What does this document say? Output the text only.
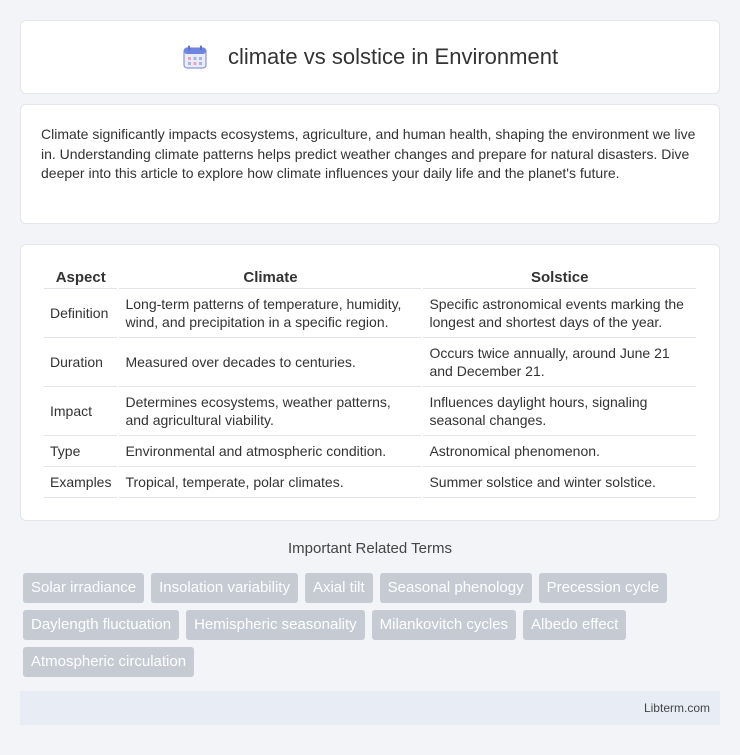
climate vs solstice in Environment

Climate significantly impacts ecosystems, agriculture, and human health, shaping the environment we live in. Understanding climate patterns helps predict weather changes and prepare for natural disasters. Dive deeper into this article to explore how climate influences your daily life and the planet's future.

Aspect	Climate	Solstice
Definition	Long-term patterns of temperature, humidity, wind, and precipitation in a specific region.	Specific astronomical events marking the longest and shortest days of the year.
Duration	Measured over decades to centuries.	Occurs twice annually, around June 21 and December 21.
Impact	Determines ecosystems, weather patterns, and agricultural viability.	Influences daylight hours, signaling seasonal changes.
Type	Environmental and atmospheric condition.	Astronomical phenomenon.
Examples	Tropical, temperate, polar climates.	Summer solstice and winter solstice.
Important Related Terms
Solar irradiance	Insolation variability	Axial tilt	Seasonal phenology	Precession cycle
Daylength fluctuation	Hemispheric seasonality	Milankovitch cycles	Albedo effect
Atmospheric circulation
Libterm.com
